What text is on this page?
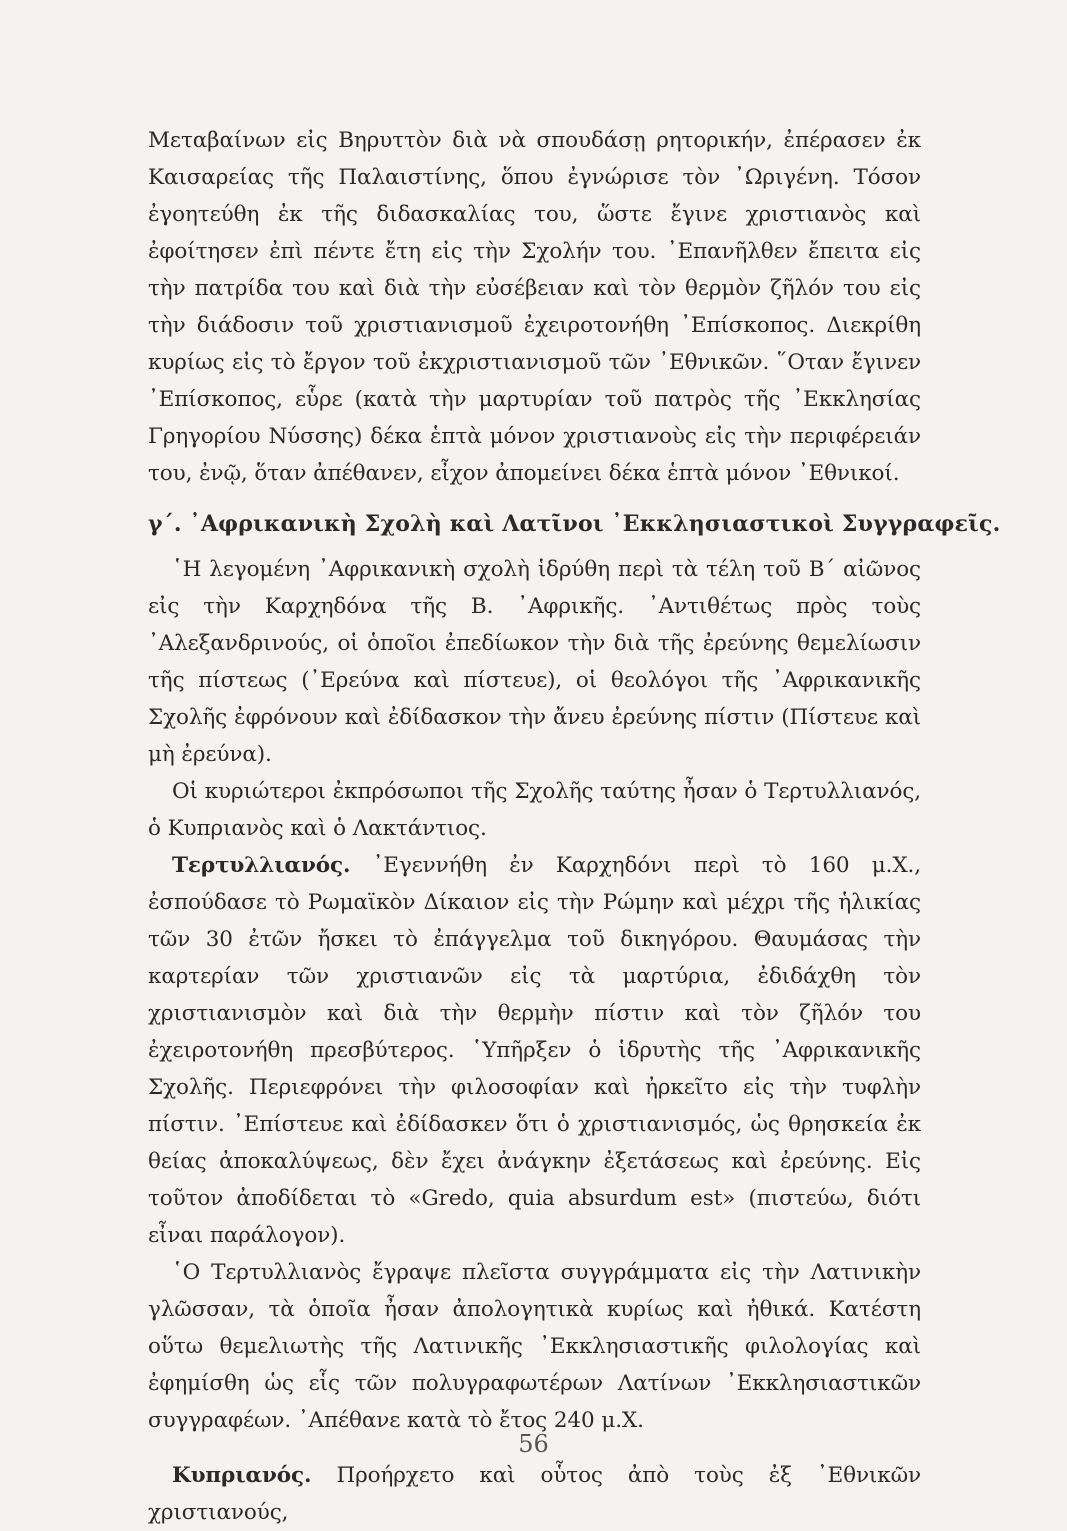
Μεταβαίνων εἰς Βηρυττὸν διὰ νὰ σπουδάσῃ ρητορικήν, ἐπέρασεν ἐκ Καισαρείας τῆς Παλαιστίνης, ὅπου ἐγνώρισε τὸν ᾿Ωριγένη. Τόσον ἐγοητεύθη ἐκ τῆς διδασκαλίας του, ὥστε ἔγινε χριστιανὸς καὶ ἐφοίτησεν ἐπὶ πέντε ἔτη εἰς τὴν Σχολήν του. ᾿Επανῆλθεν ἔπειτα εἰς τὴν πατρίδα του καὶ διὰ τὴν εὐσέβειαν καὶ τὸν θερμὸν ζῆλόν του εἰς τὴν διάδοσιν τοῦ χριστιανισμοῦ ἐχειροτονήθη ᾿Επίσκοπος. Διεκρίθη κυρίως εἰς τὸ ἔργον τοῦ ἐκχριστιανισμοῦ τῶν ᾿Εθνικῶν. ῞Οταν ἔγινεν ᾿Επίσκοπος, εὗρε (κατὰ τὴν μαρτυρίαν τοῦ πατρὸς τῆς ᾿Εκκλησίας Γρηγορίου Νύσσης) δέκα ἑπτὰ μόνον χριστιανοὺς εἰς τὴν περιφέρειάν του, ἐνῷ, ὅταν ἀπέθανεν, εἶχον ἀπομείνει δέκα ἑπτὰ μόνον ᾿Εθνικοί.

γ΄. ᾿Αφρικανικὴ Σχολὴ καὶ Λατῖνοι ᾿Εκκλησιαστικοὶ Συγγραφεῖς.

῾Η λεγομένη ᾿Αφρικανικὴ σχολὴ ἱδρύθη περὶ τὰ τέλη τοῦ Β΄ αἰῶνος εἰς τὴν Καρχηδόνα τῆς Β. ᾿Αφρικῆς. ᾿Αντιθέτως πρὸς τοὺς ᾿Αλεξανδρινούς, οἱ ὁποῖοι ἐπεδίωκον τὴν διὰ τῆς ἐρεύνης θεμελίωσιν τῆς πίστεως (᾿Ερεύνα καὶ πίστευε), οἱ θεολόγοι τῆς ᾿Αφρικανικῆς Σχολῆς ἐφρόνουν καὶ ἐδίδασκον τὴν ἄνευ ἐρεύνης πίστιν (Πίστευε καὶ μὴ ἐρεύνα).

Οἱ κυριώτεροι ἐκπρόσωποι τῆς Σχολῆς ταύτης ἦσαν ὁ Τερτυλλιανός, ὁ Κυπριανὸς καὶ ὁ Λακτάντιος.

Τερτυλλιανός. ᾿Εγεννήθη ἐν Καρχηδόνι περὶ τὸ 160 μ.Χ., ἐσπούδασε τὸ Ρωμαϊκὸν Δίκαιον εἰς τὴν Ρώμην καὶ μέχρι τῆς ἡλικίας τῶν 30 ἐτῶν ἤσκει τὸ ἐπάγγελμα τοῦ δικηγόρου. Θαυμάσας τὴν καρτερίαν τῶν χριστιανῶν εἰς τὰ μαρτύρια, ἐδιδάχθη τὸν χριστιανισμὸν καὶ διὰ τὴν θερμὴν πίστιν καὶ τὸν ζῆλόν του ἐχειροτονήθη πρεσβύτερος. ῾Υπῆρξεν ὁ ἱδρυτὴς τῆς ᾿Αφρικανικῆς Σχολῆς. Περιεφρόνει τὴν φιλοσοφίαν καὶ ἠρκεῖτο εἰς τὴν τυφλὴν πίστιν. ᾿Επίστευε καὶ ἐδίδασκεν ὅτι ὁ χριστιανισμός, ὡς θρησκεία ἐκ θείας ἀποκαλύψεως, δὲν ἔχει ἀνάγκην ἐξετάσεως καὶ ἐρεύνης. Εἰς τοῦτον ἀποδίδεται τὸ «Gredo, quia absurdum est» (πιστεύω, διότι εἶναι παράλογον).

῾Ο Τερτυλλιανὸς ἔγραψε πλεῖστα συγγράμματα εἰς τὴν Λατινικὴν γλῶσσαν, τὰ ὁποῖα ἦσαν ἀπολογητικὰ κυρίως καὶ ἠθικά. Κατέστη οὕτω θεμελιωτὴς τῆς Λατινικῆς ᾿Εκκλησιαστικῆς φιλολογίας καὶ ἐφημίσθη ὡς εἷς τῶν πολυγραφωτέρων Λατίνων ᾿Εκκλησιαστικῶν συγγραφέων. ᾿Απέθανε κατὰ τὸ ἔτος 240 μ.Χ.

Κυπριανός. Προήρχετο καὶ οὗτος ἀπὸ τοὺς ἐξ ᾿Εθνικῶν χριστιανούς,

56
